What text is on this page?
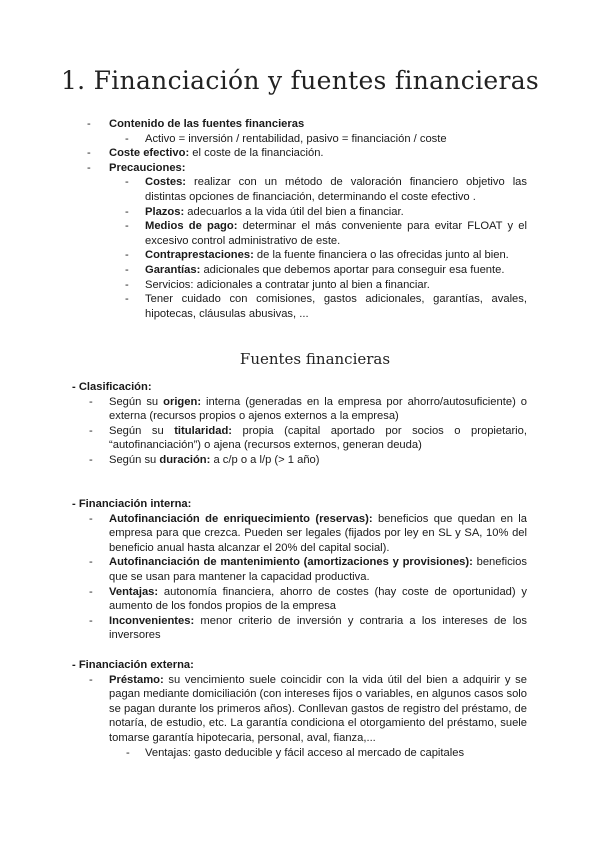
1. Financiación y fuentes financieras
-	Contenido de las fuentes financieras
-	Activo = inversión / rentabilidad, pasivo = financiación / coste
-	Coste efectivo: el coste de la financiación.
-	Precauciones:
-	Costes: realizar con un método de valoración financiero objetivo las distintas opciones de financiación, determinando el coste efectivo .
-	Plazos: adecuarlos a la vida útil del bien a financiar.
-	Medios de pago: determinar el más conveniente para evitar FLOAT y el excesivo control administrativo de este.
-	Contraprestaciones: de la fuente financiera o las ofrecidas junto al bien.
-	Garantías: adicionales que debemos aportar para conseguir esa fuente.
-	Servicios: adicionales a contratar junto al bien a financiar.
-	Tener cuidado con comisiones, gastos adicionales, garantías, avales, hipotecas, cláusulas abusivas, ...
Fuentes financieras
- Clasificación:
-	Según su origen: interna (generadas en la empresa por ahorro/autosuficiente) o externa (recursos propios o ajenos externos a la empresa)
-	Según su titularidad: propia (capital aportado por socios o propietario, “autofinanciación”) o ajena (recursos externos, generan deuda)
-	Según su duración: a c/p o a l/p (> 1 año)
- Financiación interna:
-	Autofinanciación de enriquecimiento (reservas): beneficios que quedan en la empresa para que crezca. Pueden ser legales (fijados por ley en SL y SA, 10% del beneficio anual hasta alcanzar el 20% del capital social).
-	Autofinanciación de mantenimiento (amortizaciones y provisiones): beneficios que se usan para mantener la capacidad productiva.
-	Ventajas: autonomía financiera, ahorro de costes (hay coste de oportunidad) y aumento de los fondos propios de la empresa
-	Inconvenientes: menor criterio de inversión y contraria a los intereses de los inversores
- Financiación externa:
-	Préstamo: su vencimiento suele coincidir con la vida útil del bien a adquirir y se pagan mediante domiciliación (con intereses fijos o variables, en algunos casos solo se pagan durante los primeros años). Conllevan gastos de registro del préstamo, de notaría, de estudio, etc. La garantía condiciona el otorgamiento del préstamo, suele tomarse garantía hipotecaria, personal, aval, fianza,...
-	Ventajas: gasto deducible y fácil acceso al mercado de capitales
